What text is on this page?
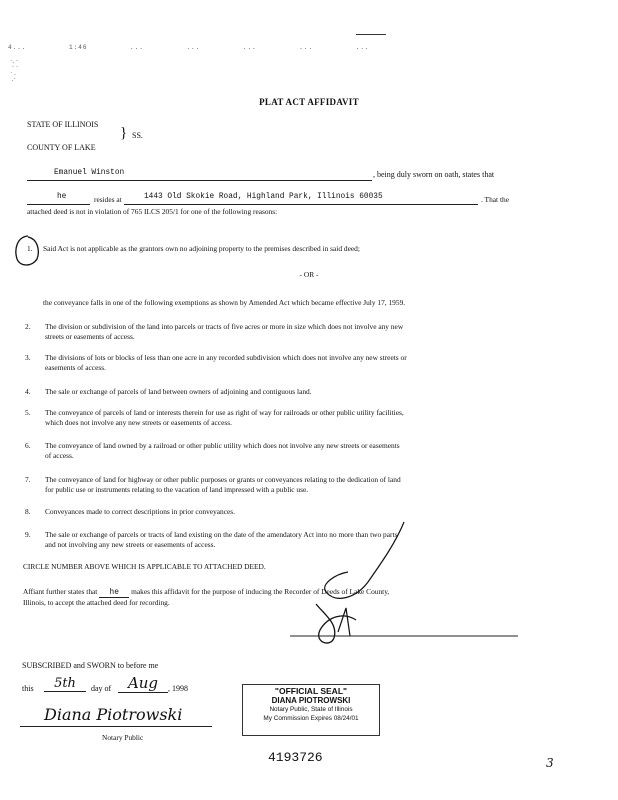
4...	1:46	...	...	...	...	...
·. ·
· ·
· .
.·
PLAT ACT AFFIDAVIT
STATE OF ILLINOIS
} SS.
COUNTY OF LAKE
Emanuel Winston	, being duly sworn on oath, states that
he	resides at	1443 Old Skokie Road, Highland Park, Illinois 60035	. That the
attached deed is not in violation of 765 ILCS 205/1 for one of the following reasons:
1. Said Act is not applicable as the grantors own no adjoining property to the premises described in said deed;
- OR -
the conveyance falls in one of the following exemptions as shown by Amended Act which became effective July 17, 1959.
2. The division or subdivision of the land into parcels or tracts of five acres or more in size which does not involve any new
streets or easements of access.
3. The divisions of lots or blocks of less than one acre in any recorded subdivision which does not involve any new streets or
easements of access.
4. The sale or exchange of parcels of land between owners of adjoining and contiguous land.
5. The conveyance of parcels of land or interests therein for use as right of way for railroads or other public utility facilities,
which does not involve any new streets or easements of access.
6. The conveyance of land owned by a railroad or other public utility which does not involve any new streets or easements
of access.
7. The conveyance of land for highway or other public purposes or grants or conveyances relating to the dedication of land
for public use or instruments relating to the vacation of land impressed with a public use.
8. Conveyances made to correct descriptions in prior conveyances.
9. The sale or exchange of parcels or tracts of land existing on the date of the amendatory Act into no more than two parts
and not involving any new streets or easements of access.
CIRCLE NUMBER ABOVE WHICH IS APPLICABLE TO ATTACHED DEED.
Affiant further states that he makes this affidavit for the purpose of inducing the Recorder of Deeds of Lake County,
Illinois, to accept the attached deed for recording.
SUBSCRIBED and SWORN to before me
this	5th	day of	Aug	, 1998
Diana Piotrowski
Notary Public
"OFFICIAL SEAL"
DIANA PIOTROWSKI
Notary Public, State of Illinois
My Commission Expires 08/24/01
4193726	3
